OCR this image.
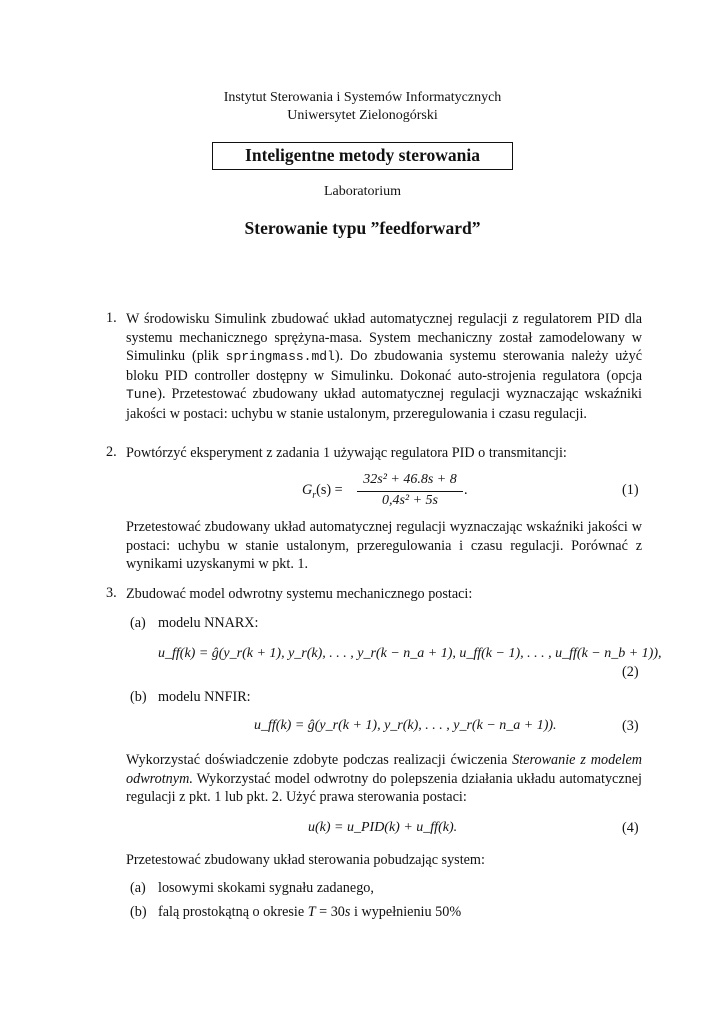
Instytut Sterowania i Systemów Informatycznych
Uniwersytet Zielonogórski
Inteligentne metody sterowania
Laboratorium
Sterowanie typu ”feedforward”
1. W środowisku Simulink zbudować układ automatycznej regulacji z regulatorem PID dla systemu mechanicznego sprężyna-masa. System mechaniczny został zamodelowany w Simulinku (plik springmass.mdl). Do zbudowania systemu sterowania należy użyć bloku PID controller dostępny w Simulinku. Dokonać auto-strojenia regulatora (opcja Tune). Przetestować zbudowany układ automatycznej regulacji wyznaczając wskaźniki jakości w postaci: uchybu w stanie ustalonym, przeregulowania i czasu regulacji.
2. Powtórzyć eksperyment z zadania 1 używając regulatora PID o transmitancji:
$G_r(s)$ =
32s² + 46.8s + 8
0,4s² + 5s
.	(1)
Przetestować zbudowany układ automatycznej regulacji wyznaczając wskaźniki jakości w postaci: uchybu w stanie ustalonym, przeregulowania i czasu regulacji. Porównać z wynikami uzyskanymi w pkt. 1.
3. Zbudować model odwrotny systemu mechanicznego postaci:
(a) modelu NNARX:
u_ff(k) = ĝ(y_r(k + 1), y_r(k), . . . , y_r(k − n_a + 1), u_ff(k − 1), . . . , u_ff(k − n_b + 1)),
(2)
(b) modelu NNFIR:
u_ff(k) = ĝ(y_r(k + 1), y_r(k), . . . , y_r(k − n_a + 1)).	(3)
Wykorzystać doświadczenie zdobyte podczas realizacji ćwiczenia Sterowanie z modelem odwrotnym. Wykorzystać model odwrotny do polepszenia działania układu automatycznej regulacji z pkt. 1 lub pkt. 2. Użyć prawa sterowania postaci:
u(k) = u_PID(k) + u_ff(k).	(4)
Przetestować zbudowany układ sterowania pobudzając system:
(a) losowymi skokami sygnału zadanego,
(b) falą prostokątną o okresie T = 30s i wypełnieniu 50%
